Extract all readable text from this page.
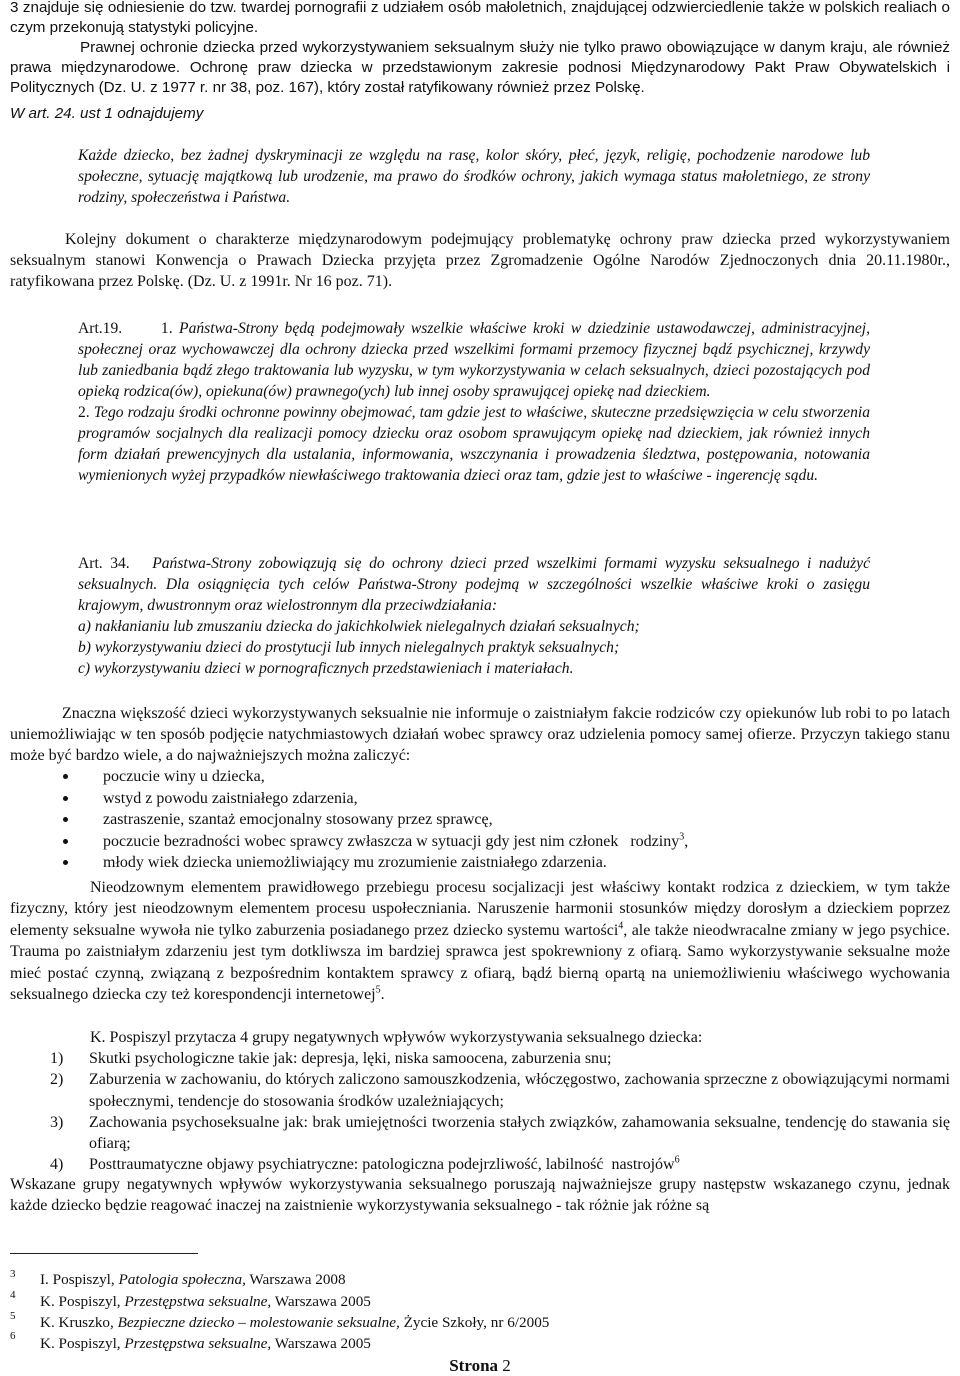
3 znajduje się odniesienie do tzw. twardej pornografii z udziałem osób małoletnich, znajdującej odzwierciedlenie także w polskich realiach o czym przekonują statystyki policyjne.

Prawnej ochronie dziecka przed wykorzystywaniem seksualnym służy nie tylko prawo obowiązujące w danym kraju, ale również prawa międzynarodowe. Ochronę praw dziecka w przedstawionym zakresie podnosi Międzynarodowy Pakt Praw Obywatelskich i Politycznych (Dz. U. z 1977 r. nr 38, poz. 167), który został ratyfikowany również przez Polskę.

W art. 24. ust 1 odnajdujemy

Każde dziecko, bez żadnej dyskryminacji ze względu na rasę, kolor skóry, płeć, język, religię, pochodzenie narodowe lub społeczne, sytuację majątkową lub urodzenie, ma prawo do środków ochrony, jakich wymaga status małoletniego, ze strony rodziny, społeczeństwa i Państwa.

Kolejny dokument o charakterze międzynarodowym podejmujący problematykę ochrony praw dziecka przed wykorzystywaniem seksualnym stanowi Konwencja o Prawach Dziecka przyjęta przez Zgromadzenie Ogólne Narodów Zjednoczonych dnia 20.11.1980r., ratyfikowana przez Polskę. (Dz. U. z 1991r. Nr 16 poz. 71).

Art.19. 1. Państwa-Strony będą podejmowały wszelkie właściwe kroki w dziedzinie ustawodawczej, administracyjnej, społecznej oraz wychowawczej dla ochrony dziecka przed wszelkimi formami przemocy fizycznej bądź psychicznej, krzywdy lub zaniedbania bądź złego traktowania lub wyzysku, w tym wykorzystywania w celach seksualnych, dzieci pozostających pod opieką rodzica(ów), opiekuna(ów) prawnego(ych) lub innej osoby sprawującej opiekę nad dzieckiem.

2. Tego rodzaju środki ochronne powinny obejmować, tam gdzie jest to właściwe, skuteczne przedsięwzięcia w celu stworzenia programów socjalnych dla realizacji pomocy dziecku oraz osobom sprawującym opiekę nad dzieckiem, jak również innych form działań prewencyjnych dla ustalania, informowania, wszczynania i prowadzenia śledztwa, postępowania, notowania wymienionych wyżej przypadków niewłaściwego traktowania dzieci oraz tam, gdzie jest to właściwe - ingerencję sądu.

Art. 34. Państwa-Strony zobowiązują się do ochrony dzieci przed wszelkimi formami wyzysku seksualnego i nadużyć seksualnych. Dla osiągnięcia tych celów Państwa-Strony podejmą w szczególności wszelkie właściwe kroki o zasięgu krajowym, dwustronnym oraz wielostronnym dla przeciwdziałania:

a) nakłanianiu lub zmuszaniu dziecka do jakichkolwiek nielegalnych działań seksualnych;

b) wykorzystywaniu dzieci do prostytucji lub innych nielegalnych praktyk seksualnych;

c) wykorzystywaniu dzieci w pornograficznych przedstawieniach i materiałach.

Znaczna większość dzieci wykorzystywanych seksualnie nie informuje o zaistniałym fakcie rodziców czy opiekunów lub robi to po latach uniemożliwiając w ten sposób podjęcie natychmiastowych działań wobec sprawcy oraz udzielenia pomocy samej ofierze. Przyczyn takiego stanu może być bardzo wiele, a do najważniejszych można zaliczyć:

poczucie winy u dziecka,
wstyd z powodu zaistniałego zdarzenia,
zastraszenie, szantaż emocjonalny stosowany przez sprawcę,
poczucie bezradności wobec sprawcy zwłaszcza w sytuacji gdy jest nim członek   rodziny$^3$,
młody wiek dziecka uniemożliwiający mu zrozumienie zaistniałego zdarzenia.

Nieodzownym elementem prawidłowego przebiegu procesu socjalizacji jest właściwy kontakt rodzica z dzieckiem, w tym także fizyczny, który jest nieodzownym elementem procesu uspołeczniania. Naruszenie harmonii stosunków między dorosłym a dzieckiem poprzez elementy seksualne wywoła nie tylko zaburzenia posiadanego przez dziecko systemu wartości$^4$, ale także nieodwracalne zmiany w jego psychice. Trauma po zaistniałym zdarzeniu jest tym dotkliwsza im bardziej sprawca jest spokrewniony z ofiarą. Samo wykorzystywanie seksualne może mieć postać czynną, związaną z bezpośrednim kontaktem sprawcy z ofiarą, bądź bierną opartą na uniemożliwieniu właściwego wychowania seksualnego dziecka czy też korespondencji internetowej$^5$.

K. Pospiszyl przytacza 4 grupy negatywnych wpływów wykorzystywania seksualnego dziecka:

1) Skutki psychologiczne takie jak: depresja, lęki, niska samoocena, zaburzenia snu;

2) Zaburzenia w zachowaniu, do których zaliczono samouszkodzenia, włóczęgostwo, zachowania sprzeczne z obowiązującymi normami społecznymi, tendencje do stosowania środków uzależniających;

3) Zachowania psychoseksualne jak: brak umiejętności tworzenia stałych związków, zahamowania seksualne, tendencję do stawania się ofiarą;

4) Posttraumatyczne objawy psychiatryczne: patologiczna podejrzliwość, labilność  nastrojów$^6$

Wskazane grupy negatywnych wpływów wykorzystywania seksualnego poruszają najważniejsze grupy następstw wskazanego czynu, jednak każde dziecko będzie reagować inaczej na zaistnienie wykorzystywania seksualnego - tak różnie jak różne są

3 I. Pospiszyl, Patologia społeczna, Warszawa 2008
4 K. Pospiszyl, Przestępstwa seksualne, Warszawa 2005
5 K. Kruszko, Bezpieczne dziecko – molestowanie seksualne, Życie Szkoły, nr 6/2005
6 K. Pospiszyl, Przestępstwa seksualne, Warszawa 2005
Strona 2
